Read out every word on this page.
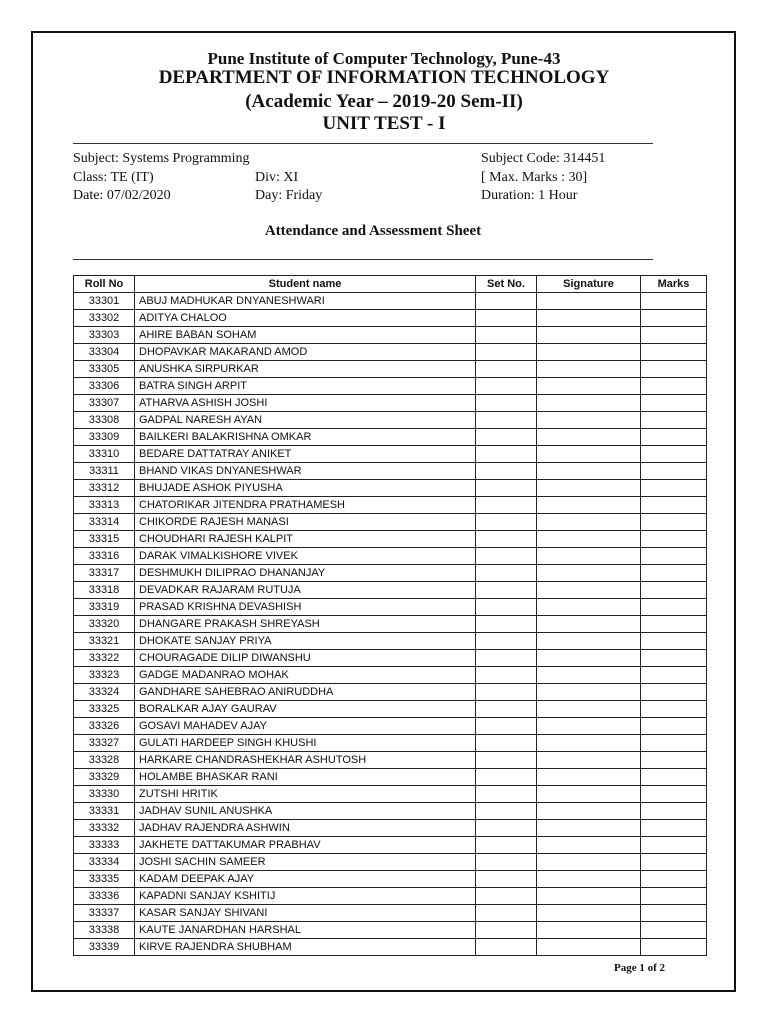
Pune Institute of Computer Technology, Pune-43
DEPARTMENT OF INFORMATION TECHNOLOGY
(Academic Year – 2019-20 Sem-II)
UNIT TEST - I
Subject: Systems Programming	Subject Code: 314451
Class: TE (IT)	Div: XI	[ Max. Marks : 30]
Date: 07/02/2020	Day: Friday	Duration: 1 Hour
Attendance and Assessment Sheet
Roll No	Student name	Set No.	Signature	Marks
33301	ABUJ MADHUKAR DNYANESHWARI			
33302	ADITYA CHALOO			
33303	AHIRE BABAN SOHAM			
33304	DHOPAVKAR MAKARAND AMOD			
33305	ANUSHKA SIRPURKAR			
33306	BATRA SINGH ARPIT			
33307	ATHARVA ASHISH JOSHI			
33308	GADPAL NARESH AYAN			
33309	BAILKERI BALAKRISHNA OMKAR			
33310	BEDARE DATTATRAY ANIKET			
33311	BHAND VIKAS DNYANESHWAR			
33312	BHUJADE ASHOK PIYUSHA			
33313	CHATORIKAR JITENDRA PRATHAMESH			
33314	CHIKORDE RAJESH MANASI			
33315	CHOUDHARI RAJESH KALPIT			
33316	DARAK VIMALKISHORE VIVEK			
33317	DESHMUKH DILIPRAO DHANANJAY			
33318	DEVADKAR RAJARAM RUTUJA			
33319	PRASAD KRISHNA DEVASHISH			
33320	DHANGARE PRAKASH SHREYASH			
33321	DHOKATE SANJAY PRIYA			
33322	CHOURAGADE DILIP DIWANSHU			
33323	GADGE MADANRAO MOHAK			
33324	GANDHARE SAHEBRAO ANIRUDDHA			
33325	BORALKAR AJAY GAURAV			
33326	GOSAVI MAHADEV AJAY			
33327	GULATI HARDEEP SINGH KHUSHI			
33328	HARKARE CHANDRASHEKHAR ASHUTOSH			
33329	HOLAMBE BHASKAR RANI			
33330	ZUTSHI HRITIK			
33331	JADHAV SUNIL ANUSHKA			
33332	JADHAV RAJENDRA ASHWIN			
33333	JAKHETE DATTAKUMAR PRABHAV			
33334	JOSHI SACHIN SAMEER			
33335	KADAM DEEPAK AJAY			
33336	KAPADNI SANJAY KSHITIJ			
33337	KASAR SANJAY SHIVANI			
33338	KAUTE JANARDHAN HARSHAL			
33339	KIRVE RAJENDRA SHUBHAM			
Page 1 of 2
